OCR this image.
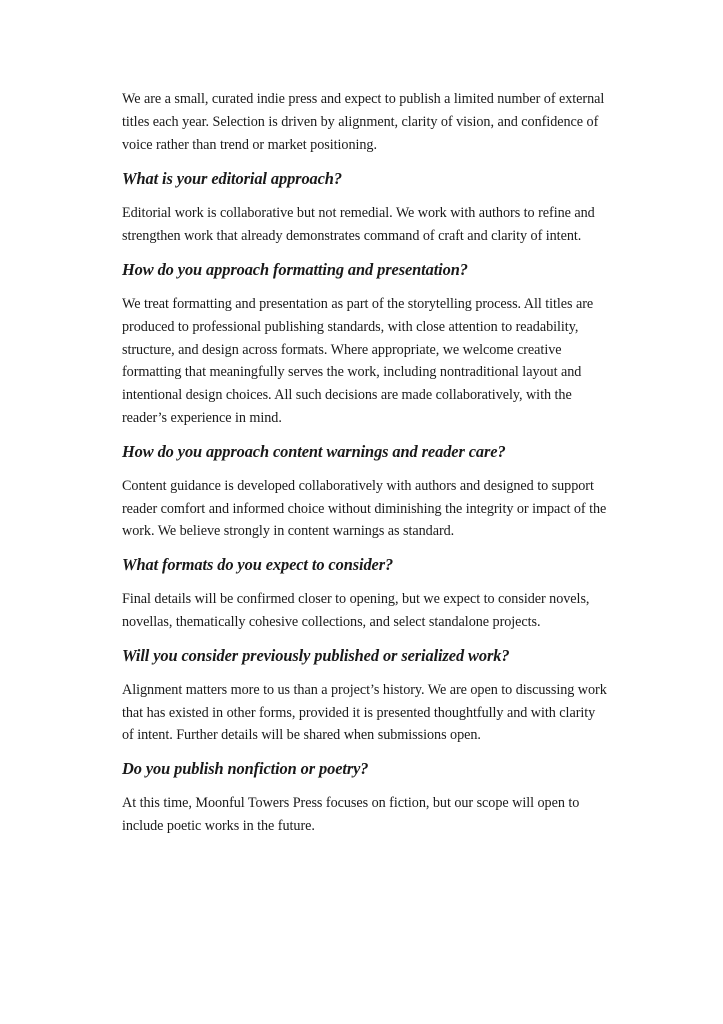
We are a small, curated indie press and expect to publish a limited number of external titles each year. Selection is driven by alignment, clarity of vision, and confidence of voice rather than trend or market positioning.

What is your editorial approach?

Editorial work is collaborative but not remedial. We work with authors to refine and strengthen work that already demonstrates command of craft and clarity of intent.

How do you approach formatting and presentation?

We treat formatting and presentation as part of the storytelling process. All titles are produced to professional publishing standards, with close attention to readability, structure, and design across formats. Where appropriate, we welcome creative formatting that meaningfully serves the work, including nontraditional layout and intentional design choices. All such decisions are made collaboratively, with the reader’s experience in mind.

How do you approach content warnings and reader care?

Content guidance is developed collaboratively with authors and designed to support reader comfort and informed choice without diminishing the integrity or impact of the work. We believe strongly in content warnings as standard.

What formats do you expect to consider?

Final details will be confirmed closer to opening, but we expect to consider novels, novellas, thematically cohesive collections, and select standalone projects.

Will you consider previously published or serialized work?

Alignment matters more to us than a project’s history. We are open to discussing work that has existed in other forms, provided it is presented thoughtfully and with clarity of intent. Further details will be shared when submissions open.

Do you publish nonfiction or poetry?

At this time, Moonful Towers Press focuses on fiction, but our scope will open to include poetic works in the future.
